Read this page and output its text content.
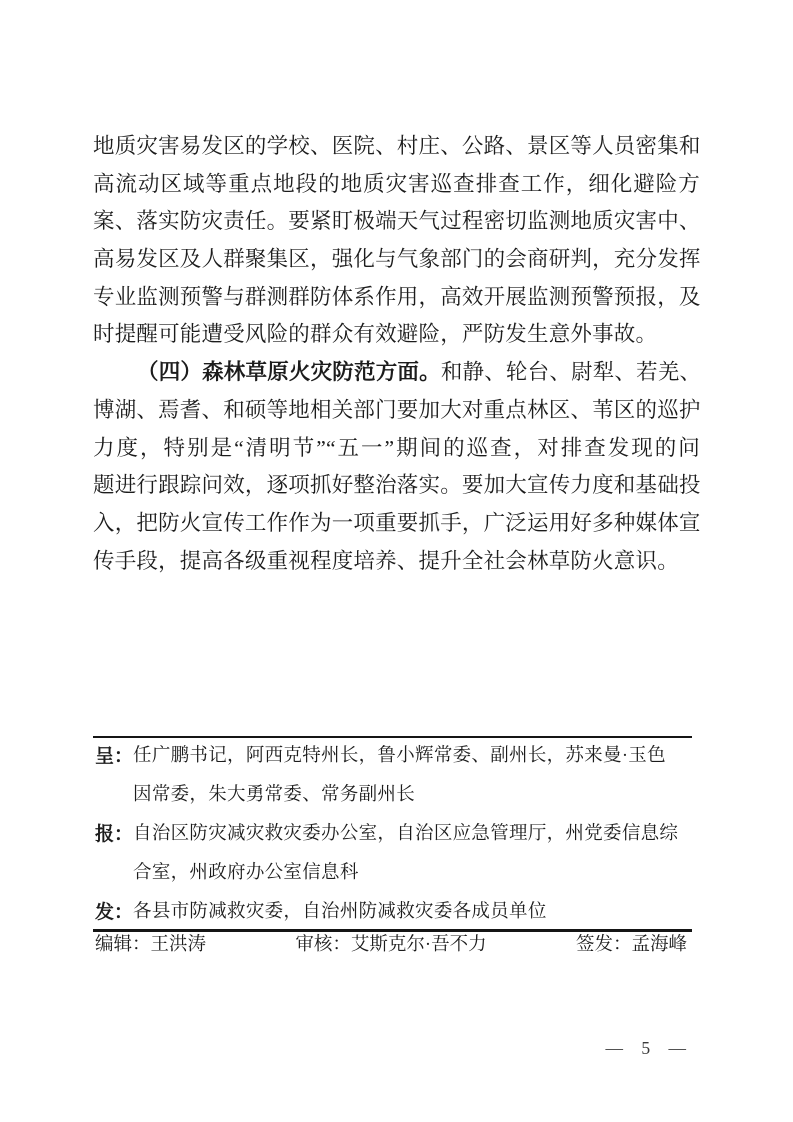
地质灾害易发区的学校、医院、村庄、公路、景区等人员密集和
高流动区域等重点地段的地质灾害巡查排查工作，细化避险方
案、落实防灾责任。要紧盯极端天气过程密切监测地质灾害中、
高易发区及人群聚集区，强化与气象部门的会商研判，充分发挥
专业监测预警与群测群防体系作用，高效开展监测预警预报，及
时提醒可能遭受风险的群众有效避险，严防发生意外事故。
（四）森林草原火灾防范方面。和静、轮台、尉犁、若羌、
博湖、焉耆、和硕等地相关部门要加大对重点林区、苇区的巡护
力度，特别是“清明节”“五一”期间的巡查，对排查发现的问
题进行跟踪问效，逐项抓好整治落实。要加大宣传力度和基础投
入，把防火宣传工作作为一项重要抓手，广泛运用好多种媒体宣
传手段，提高各级重视程度培养、提升全社会林草防火意识。
呈： 任广鹏书记，阿西克特州长，鲁小辉常委、副州长，苏来曼·玉色
因常委，朱大勇常委、常务副州长
报： 自治区防灾减灾救灾委办公室，自治区应急管理厅，州党委信息综
合室，州政府办公室信息科
发： 各县市防减救灾委，自治州防减救灾委各成员单位
编辑：王洪涛	审核：艾斯克尔·吾不力	签发：孟海峰
— 5 —
